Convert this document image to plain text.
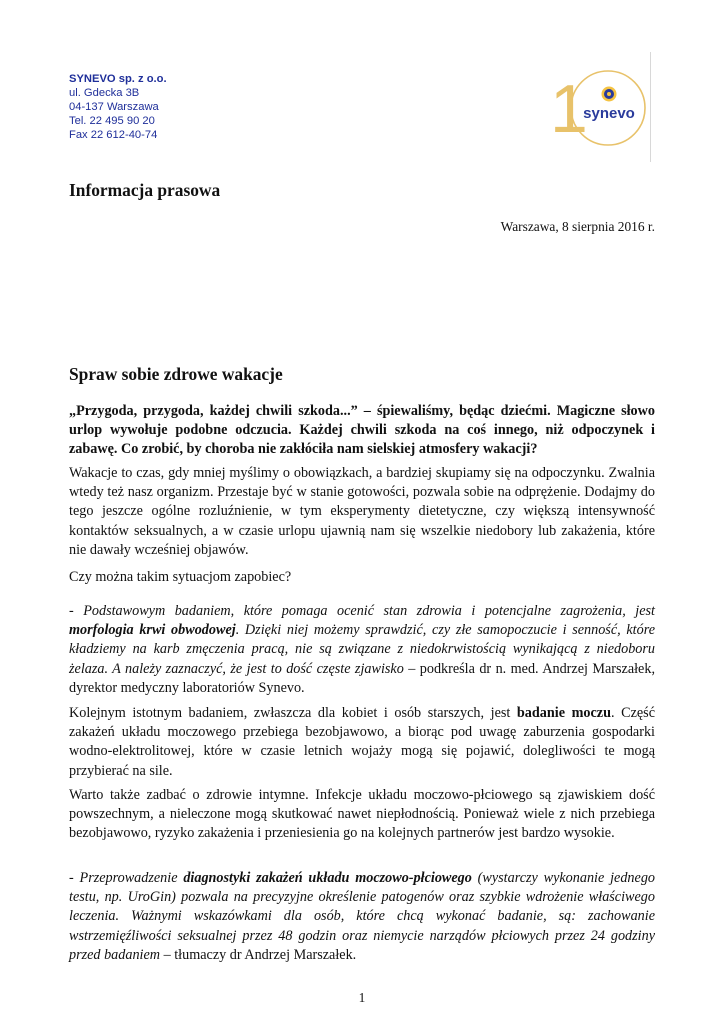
SYNEVO sp. z o.o.
ul. Gdecka 3B
04-137 Warszawa
Tel. 22 495 90 20
Fax 22 612-40-74	1
synevo
Informacja prasowa
Warszawa, 8 sierpnia 2016 r.
Spraw sobie zdrowe wakacje

„Przygoda, przygoda, każdej chwili szkoda...” – śpiewaliśmy, będąc dziećmi. Magiczne słowo urlop wywołuje podobne odczucia. Każdej chwili szkoda na coś innego, niż odpoczynek i zabawę. Co zrobić, by choroba nie zakłóciła nam sielskiej atmosfery wakacji?

Wakacje to czas, gdy mniej myślimy o obowiązkach, a bardziej skupiamy się na odpoczynku. Zwalnia wtedy też nasz organizm. Przestaje być w stanie gotowości, pozwala sobie na odprężenie. Dodajmy do tego jeszcze ogólne rozluźnienie, w tym eksperymenty dietetyczne, czy większą intensywność kontaktów seksualnych, a w czasie urlopu ujawnią nam się wszelkie niedobory lub zakażenia, które nie dawały wcześniej objawów.

Czy można takim sytuacjom zapobiec?

- Podstawowym badaniem, które pomaga ocenić stan zdrowia i potencjalne zagrożenia, jest morfologia krwi obwodowej. Dzięki niej możemy sprawdzić, czy złe samopoczucie i senność, które kładziemy na karb zmęczenia pracą, nie są związane z niedokrwistością wynikającą z niedoboru żelaza. A należy zaznaczyć, że jest to dość częste zjawisko – podkreśla dr n. med. Andrzej Marszałek, dyrektor medyczny laboratoriów Synevo.

Kolejnym istotnym badaniem, zwłaszcza dla kobiet i osób starszych, jest badanie moczu. Część zakażeń układu moczowego przebiega bezobjawowo, a biorąc pod uwagę zaburzenia gospodarki wodno-elektrolitowej, które w czasie letnich wojaży mogą się pojawić, dolegliwości te mogą przybierać na sile.

Warto także zadbać o zdrowie intymne. Infekcje układu moczowo-płciowego są zjawiskiem dość powszechnym, a nieleczone mogą skutkować nawet niepłodnością. Ponieważ wiele z nich przebiega bezobjawowo, ryzyko zakażenia i przeniesienia go na kolejnych partnerów jest bardzo wysokie.

- Przeprowadzenie diagnostyki zakażeń układu moczowo-płciowego (wystarczy wykonanie jednego testu, np. UroGin) pozwala na precyzyjne określenie patogenów oraz szybkie wdrożenie właściwego leczenia. Ważnymi wskazówkami dla osób, które chcą wykonać badanie, są: zachowanie wstrzemięźliwości seksualnej przez 48 godzin oraz niemycie narządów płciowych przez 24 godziny przed badaniem – tłumaczy dr Andrzej Marszałek.

1
